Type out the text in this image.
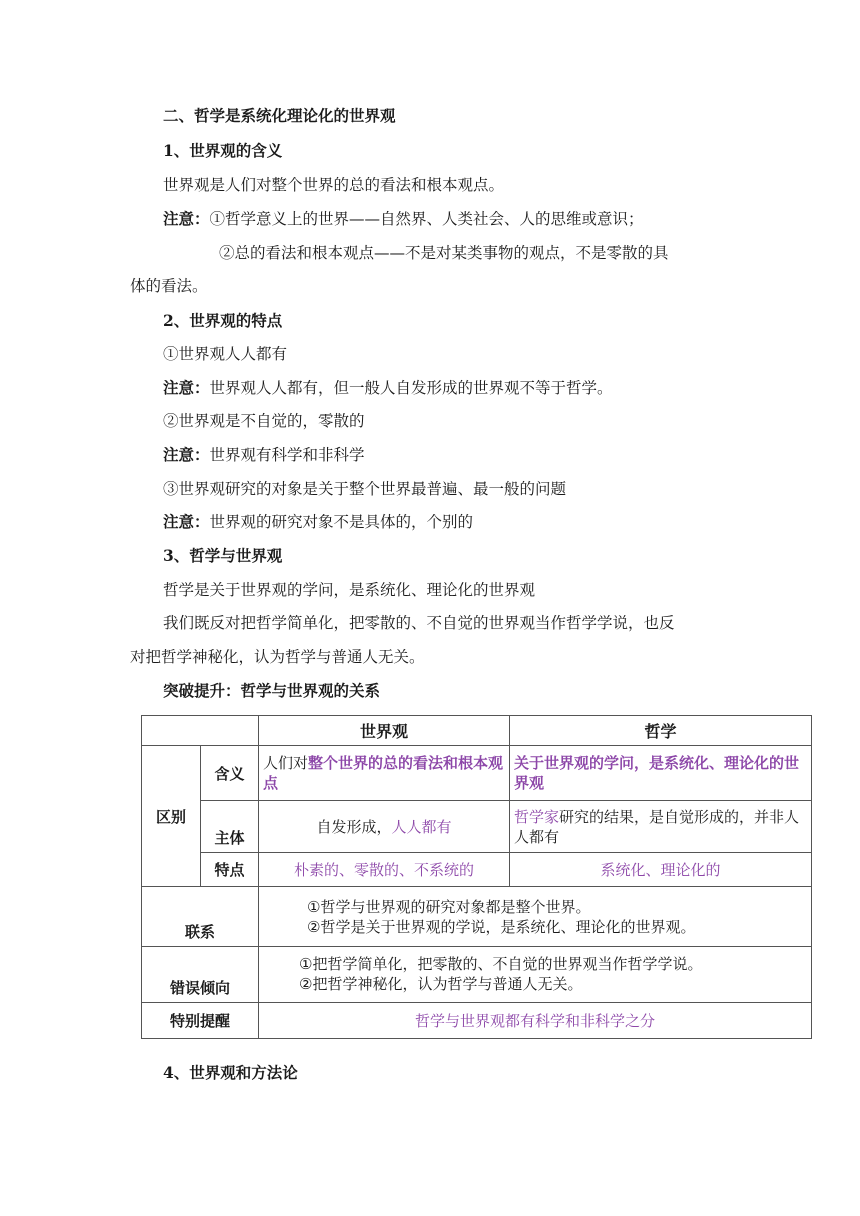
二、哲学是系统化理论化的世界观
1、世界观的含义
世界观是人们对整个世界的总的看法和根本观点。
注意：①哲学意义上的世界——自然界、人类社会、人的思维或意识；
②总的看法和根本观点——不是对某类事物的观点，不是零散的具
体的看法。
2、世界观的特点
①世界观人人都有
注意：世界观人人都有，但一般人自发形成的世界观不等于哲学。
②世界观是不自觉的，零散的
注意：世界观有科学和非科学
③世界观研究的对象是关于整个世界最普遍、最一般的问题
注意：世界观的研究对象不是具体的，个别的
3、哲学与世界观
哲学是关于世界观的学问，是系统化、理论化的世界观
我们既反对把哲学简单化，把零散的、不自觉的世界观当作哲学学说，也反
对把哲学神秘化，认为哲学与普通人无关。
突破提升：哲学与世界观的关系
		世界观	哲学
区别	含义	人们对整个世界的总的看法和根本观点	关于世界观的学问，是系统化、理论化的世界观
	主体	自发形成，人人都有	哲学家研究的结果，是自觉形成的，并非人人都有
	特点	朴素的、零散的、不系统的	系统化、理论化的
联系		①哲学与世界观的研究对象都是整个世界。
②哲学是关于世界观的学说，是系统化、理论化的世界观。	

错误倾向		①把哲学简单化，把零散的、不自觉的世界观当作哲学学说。
②把哲学神秘化，认为哲学与普通人无关。	

特别提醒		哲学与世界观都有科学和非科学之分	
4、世界观和方法论
